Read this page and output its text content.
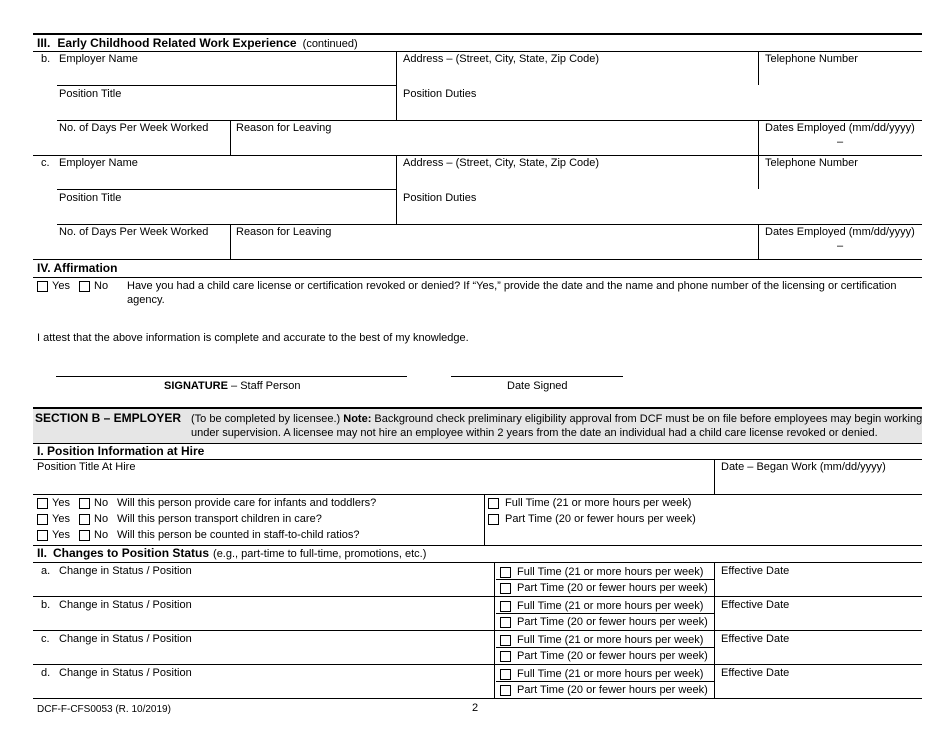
III. Early Childhood Related Work Experience (continued)
b. Employer Name	Address – (Street, City, State, Zip Code)	Telephone Number
Position Title	Position Duties
No. of Days Per Week Worked	Reason for Leaving	Dates Employed (mm/dd/yyyy)
–
c. Employer Name	Address – (Street, City, State, Zip Code)	Telephone Number
Position Title	Position Duties
No. of Days Per Week Worked	Reason for Leaving	Dates Employed (mm/dd/yyyy)
–
IV. Affirmation
Yes No Have you had a child care license or certification revoked or denied? If “Yes,” provide the date and the name and phone number of the licensing or certification
agency.
I attest that the above information is complete and accurate to the best of my knowledge.
SIGNATURE – Staff Person	Date Signed
SECTION B – EMPLOYER (To be completed by licensee.) Note: Background check preliminary eligibility approval from DCF must be on file before employees may begin working
under supervision. A licensee may not hire an employee within 2 years from the date an individual had a child care license revoked or denied.
I. Position Information at Hire
Position Title At Hire	Date – Began Work (mm/dd/yyyy)
Yes No Will this person provide care for infants and toddlers?
Yes No Will this person transport children in care?
Yes No Will this person be counted in staff-to-child ratios?
Full Time (21 or more hours per week)
Part Time (20 or fewer hours per week)
II. Changes to Position Status (e.g., part-time to full-time, promotions, etc.)
a. Change in Status / Position	Full Time (21 or more hours per week)
Part Time (20 or fewer hours per week)
Effective Date
b. Change in Status / Position	Full Time (21 or more hours per week)
Part Time (20 or fewer hours per week)
Effective Date
c. Change in Status / Position	Full Time (21 or more hours per week)
Part Time (20 or fewer hours per week)
Effective Date
d. Change in Status / Position	Full Time (21 or more hours per week)
Part Time (20 or fewer hours per week)
Effective Date
DCF-F-CFS0053 (R. 10/2019)	2
